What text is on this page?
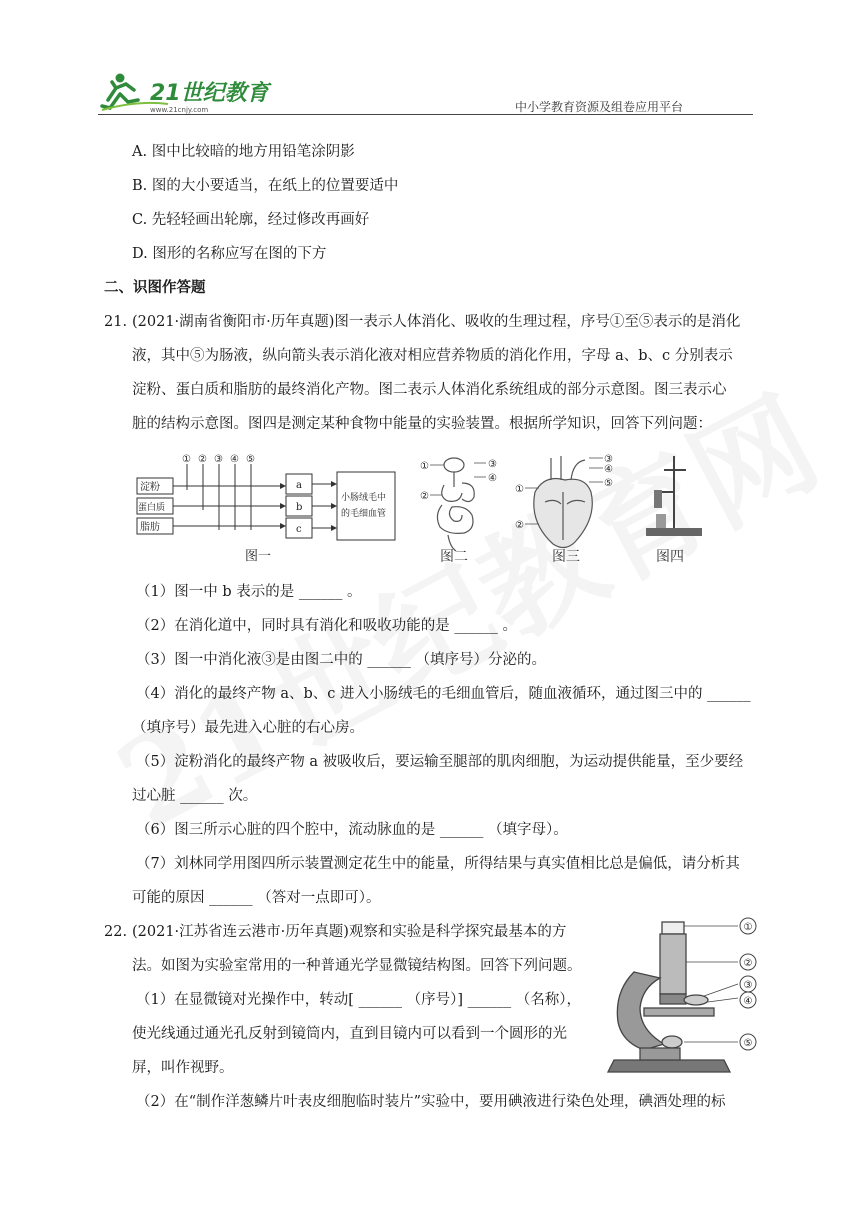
21世纪教育
www.21cnjy.com	中小学教育资源及组卷应用平台
A. 图中比较暗的地方用铅笔涂阴影
B. 图的大小要适当，在纸上的位置要适中
C. 先轻轻画出轮廓，经过修改再画好
D. 图形的名称应写在图的下方
二、识图作答题
21. (2021·湖南省衡阳市·历年真题)图一表示人体消化、吸收的生理过程，序号①至⑤表示的是消化
液，其中⑤为肠液，纵向箭头表示消化液对相应营养物质的消化作用，字母 a、b、c 分别表示
淀粉、蛋白质和脂肪的最终消化产物。图二表示人体消化系统组成的部分示意图。图三表示心
脏的结构示意图。图四是测定某种食物中能量的实验装置。根据所学知识，回答下列问题：
淀粉
蛋白质
脂肪
① ② ③ ④ ⑤
a
b
c
小肠绒毛中
的毛细血管
图一
①
②
③
④
图二
③
④
①
⑤
②
图三	图四
（1）图一中 b 表示的是 ______ 。
（2）在消化道中，同时具有消化和吸收功能的是 ______ 。
（3）图一中消化液③是由图二中的 ______ （填序号）分泌的。
（4）消化的最终产物 a、b、c 进入小肠绒毛的毛细血管后，随血液循环，通过图三中的 ______
（填序号）最先进入心脏的右心房。
（5）淀粉消化的最终产物 a 被吸收后，要运输至腿部的肌肉细胞，为运动提供能量，至少要经
过心脏 ______ 次。
（6）图三所示心脏的四个腔中，流动脉血的是 ______ （填字母）。
（7）刘林同学用图四所示装置测定花生中的能量，所得结果与真实值相比总是偏低，请分析其
可能的原因 ______ （答对一点即可）。
22. (2021·江苏省连云港市·历年真题)观察和实验是科学探究最基本的方
法。如图为实验室常用的一种普通光学显微镜结构图。回答下列问题。
（1）在显微镜对光操作中，转动[ ______ （序号）] ______ （名称），
使光线通过通光孔反射到镜筒内，直到目镜内可以看到一个圆形的光
屏，叫作视野。
（2）在“制作洋葱鳞片叶表皮细胞临时装片”实验中，要用碘液进行染色处理，碘酒处理的标
①
②
③
④
⑤
